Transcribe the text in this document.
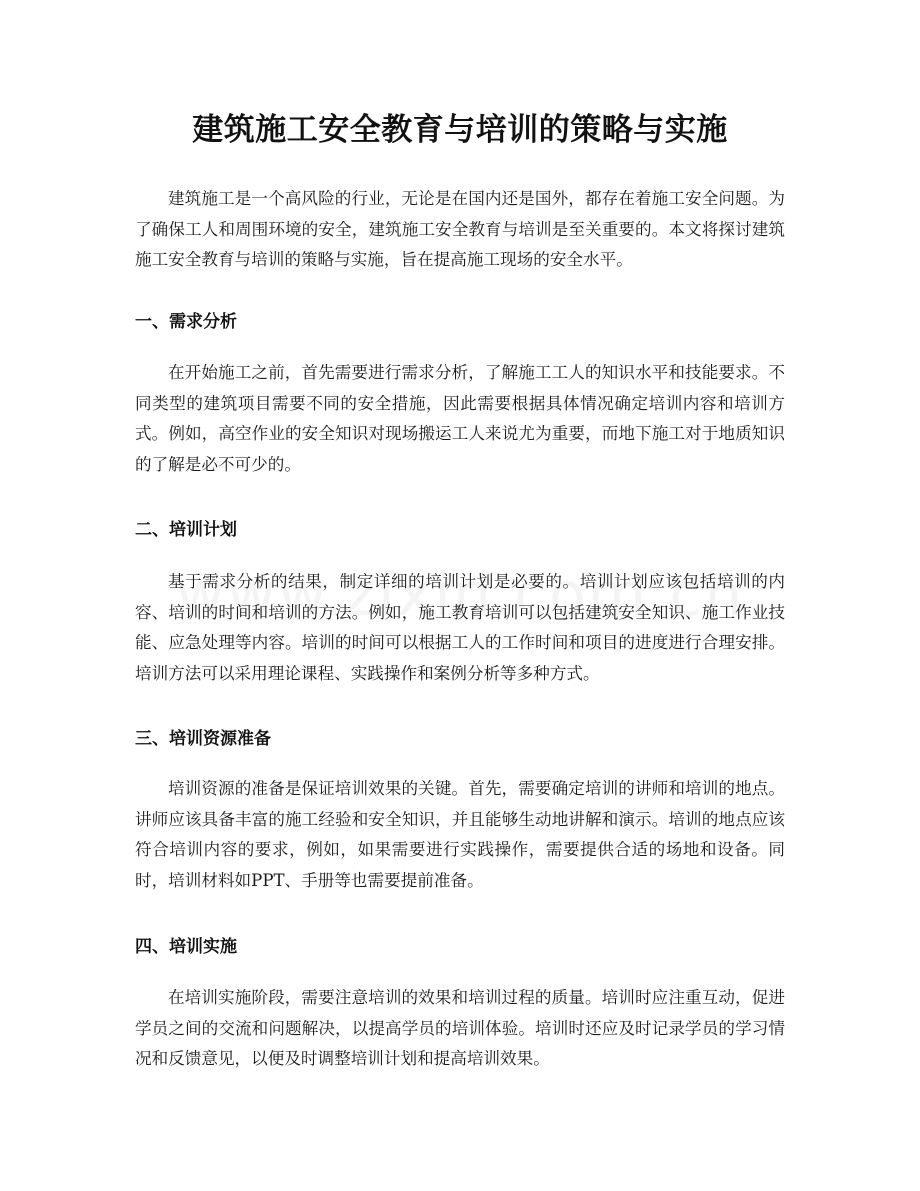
建筑施工安全教育与培训的策略与实施

建筑施工是一个高风险的行业，无论是在国内还是国外，都存在着施工安全问题。为了确保工人和周围环境的安全，建筑施工安全教育与培训是至关重要的。本文将探讨建筑施工安全教育与培训的策略与实施，旨在提高施工现场的安全水平。

一、需求分析

在开始施工之前，首先需要进行需求分析，了解施工工人的知识水平和技能要求。不同类型的建筑项目需要不同的安全措施，因此需要根据具体情况确定培训内容和培训方式。例如，高空作业的安全知识对现场搬运工人来说尤为重要，而地下施工对于地质知识的了解是必不可少的。

二、培训计划

基于需求分析的结果，制定详细的培训计划是必要的。培训计划应该包括培训的内容、培训的时间和培训的方法。例如，施工教育培训可以包括建筑安全知识、施工作业技能、应急处理等内容。培训的时间可以根据工人的工作时间和项目的进度进行合理安排。培训方法可以采用理论课程、实践操作和案例分析等多种方式。

三、培训资源准备

培训资源的准备是保证培训效果的关键。首先，需要确定培训的讲师和培训的地点。讲师应该具备丰富的施工经验和安全知识，并且能够生动地讲解和演示。培训的地点应该符合培训内容的要求，例如，如果需要进行实践操作，需要提供合适的场地和设备。同时，培训材料如PPT、手册等也需要提前准备。

四、培训实施

在培训实施阶段，需要注意培训的效果和培训过程的质量。培训时应注重互动，促进学员之间的交流和问题解决，以提高学员的培训体验。培训时还应及时记录学员的学习情况和反馈意见，以便及时调整培训计划和提高培训效果。
